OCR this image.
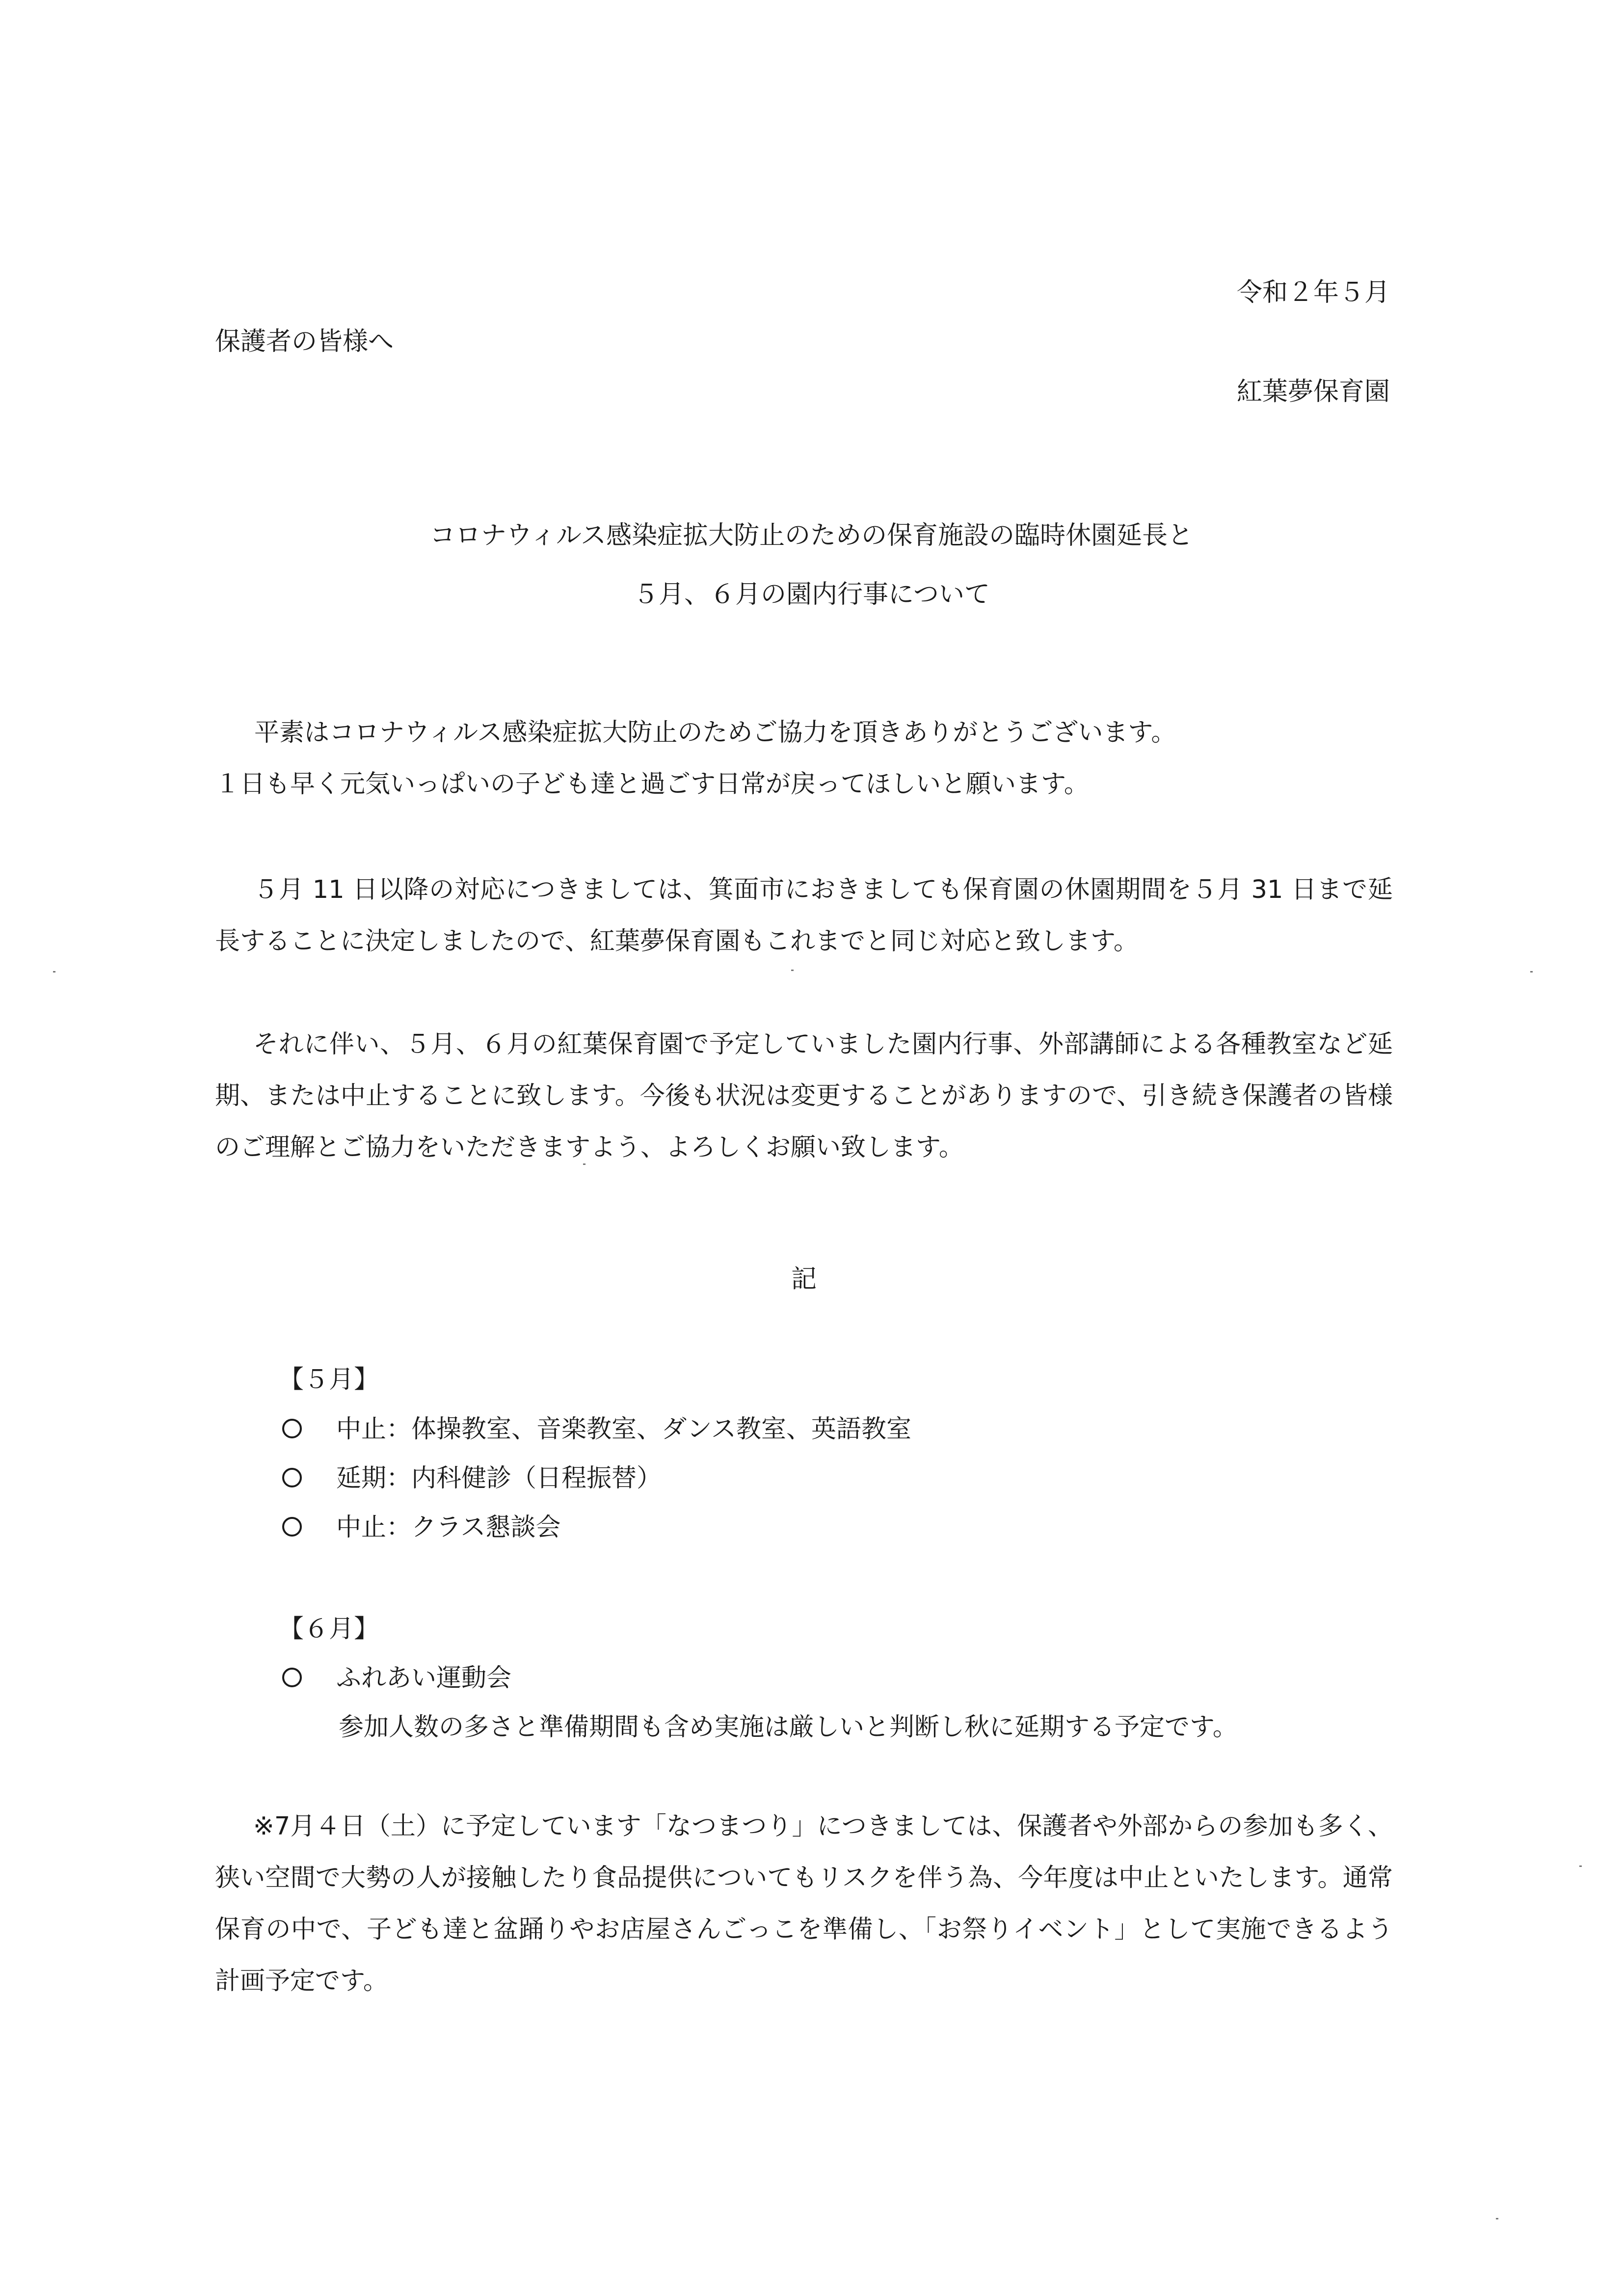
令和２年５月
保護者の皆様へ
紅葉夢保育園
コロナウィルス感染症拡大防止のための保育施設の臨時休園延長と
５月、６月の園内行事について
平素はコロナウィルス感染症拡大防止のためご協力を頂きありがとうございます。
１日も早く元気いっぱいの子ども達と過ごす日常が戻ってほしいと願います。
５月 11 日以降の対応につきましては、箕面市におきましても保育園の休園期間を５月 31 日まで延長することに決定しましたので、紅葉夢保育園もこれまでと同じ対応と致します。
それに伴い、５月、６月の紅葉保育園で予定していました園内行事、外部講師による各種教室など延期、または中止することに致します。今後も状況は変更することがありますので、引き続き保護者の皆様のご理解とご協力をいただきますよう、よろしくお願い致します。
記
【５月】
中止：体操教室、音楽教室、ダンス教室、英語教室
延期：内科健診（日程振替）
中止：クラス懇談会
【６月】
ふれあい運動会
参加人数の多さと準備期間も含め実施は厳しいと判断し秋に延期する予定です。
※7月４日（土）に予定しています「なつまつり」につきましては、保護者や外部からの参加も多く、狭い空間で大勢の人が接触したり食品提供についてもリスクを伴う為、今年度は中止といたします。通常保育の中で、子ども達と盆踊りやお店屋さんごっこを準備し、「お祭りイベント」として実施できるよう計画予定です。
